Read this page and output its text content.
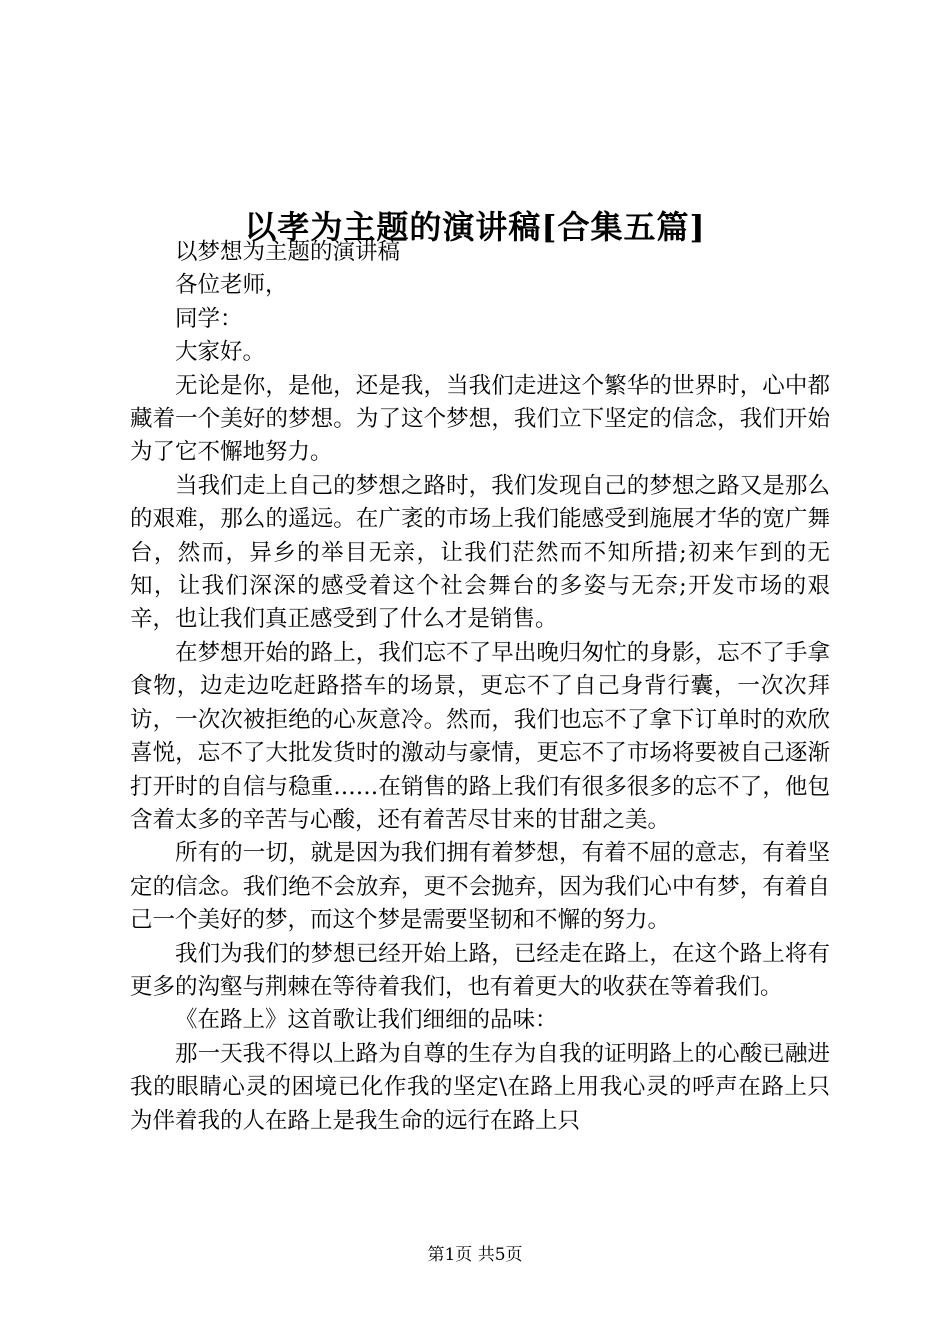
以孝为主题的演讲稿[合集五篇]

以梦想为主题的演讲稿

各位老师，

同学：

大家好。

无论是你，是他，还是我，当我们走进这个繁华的世界时，心中都藏着一个美好的梦想。为了这个梦想，我们立下坚定的信念，我们开始为了它不懈地努力。

当我们走上自己的梦想之路时，我们发现自己的梦想之路又是那么的艰难，那么的遥远。在广袤的市场上我们能感受到施展才华的宽广舞台，然而，异乡的举目无亲，让我们茫然而不知所措;初来乍到的无知，让我们深深的感受着这个社会舞台的多姿与无奈;开发市场的艰辛，也让我们真正感受到了什么才是销售。

在梦想开始的路上，我们忘不了早出晚归匆忙的身影，忘不了手拿食物，边走边吃赶路搭车的场景，更忘不了自己身背行囊，一次次拜访，一次次被拒绝的心灰意冷。然而，我们也忘不了拿下订单时的欢欣喜悦，忘不了大批发货时的激动与豪情，更忘不了市场将要被自己逐渐打开时的自信与稳重……在销售的路上我们有很多很多的忘不了，他包含着太多的辛苦与心酸，还有着苦尽甘来的甘甜之美。

所有的一切，就是因为我们拥有着梦想，有着不屈的意志，有着坚定的信念。我们绝不会放弃，更不会抛弃，因为我们心中有梦，有着自己一个美好的梦，而这个梦是需要坚韧和不懈的努力。

我们为我们的梦想已经开始上路，已经走在路上，在这个路上将有更多的沟壑与荆棘在等待着我们，也有着更大的收获在等着我们。

《在路上》这首歌让我们细细的品味：

那一天我不得以上路为自尊的生存为自我的证明路上的心酸已融进我的眼睛心灵的困境已化作我的坚定\在路上用我心灵的呼声在路上只为伴着我的人在路上是我生命的远行在路上只

第1页 共5页
